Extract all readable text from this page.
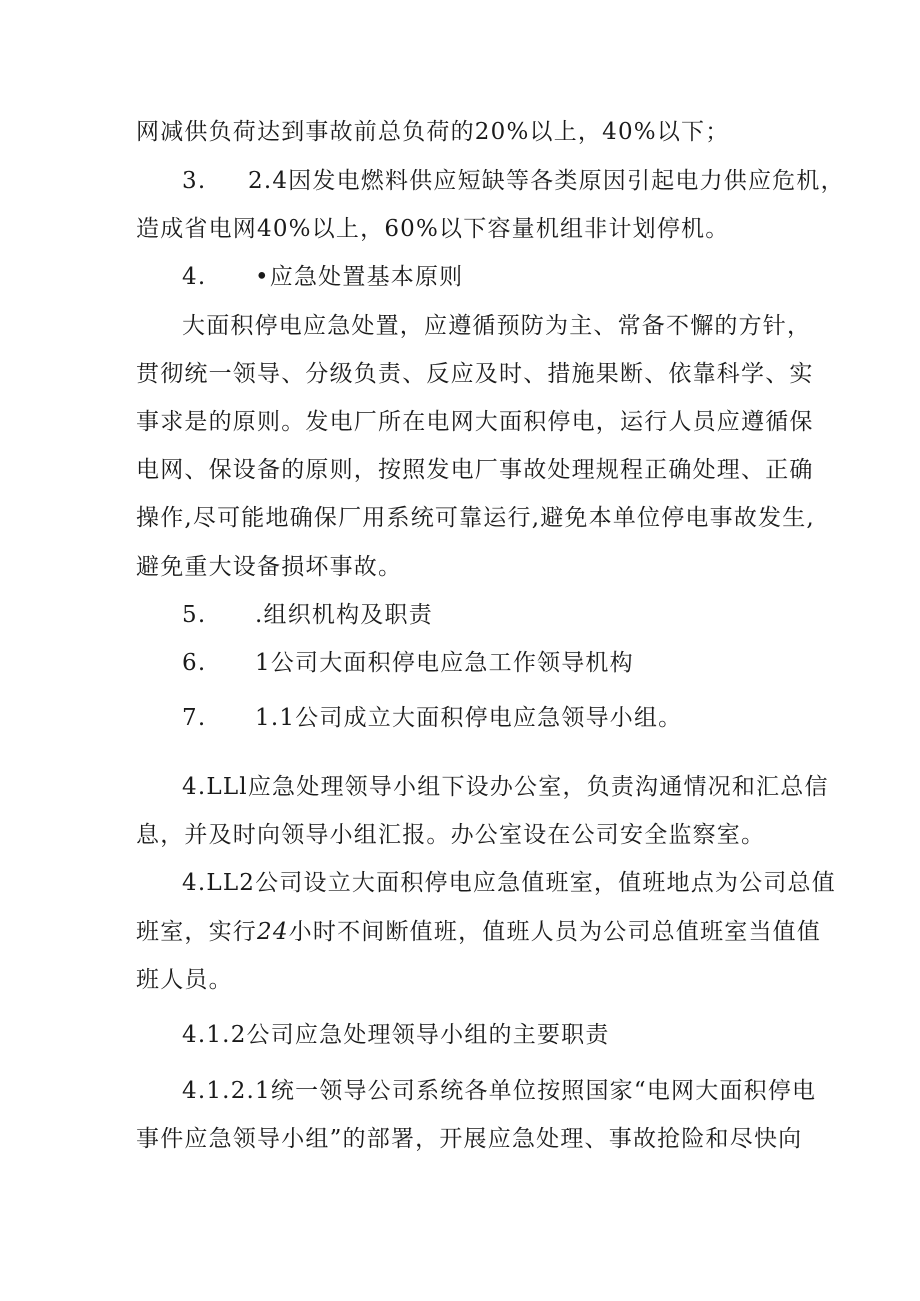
网减供负荷达到事故前总负荷的20%以上，40%以下；
3. 2.4因发电燃料供应短缺等各类原因引起电力供应危机，
造成省电网40%以上，60%以下容量机组非计划停机。
4. •应急处置基本原则
大面积停电应急处置，应遵循预防为主、常备不懈的方针，
贯彻统一领导、分级负责、反应及时、措施果断、依靠科学、实
事求是的原则。发电厂所在电网大面积停电，运行人员应遵循保
电网、保设备的原则，按照发电厂事故处理规程正确处理、正确
操作,尽可能地确保厂用系统可靠运行,避免本单位停电事故发生,
避免重大设备损坏事故。
5. .组织机构及职责
6. 1公司大面积停电应急工作领导机构
7. 1.1公司成立大面积停电应急领导小组。
4.LLl应急处理领导小组下设办公室，负责沟通情况和汇总信
息，并及时向领导小组汇报。办公室设在公司安全监察室。
4.LL2公司设立大面积停电应急值班室，值班地点为公司总值
班室，实行24小时不间断值班，值班人员为公司总值班室当值值
班人员。
4.1.2公司应急处理领导小组的主要职责
4.1.2.1统一领导公司系统各单位按照国家“电网大面积停电
事件应急领导小组”的部署，开展应急处理、事故抢险和尽快向
